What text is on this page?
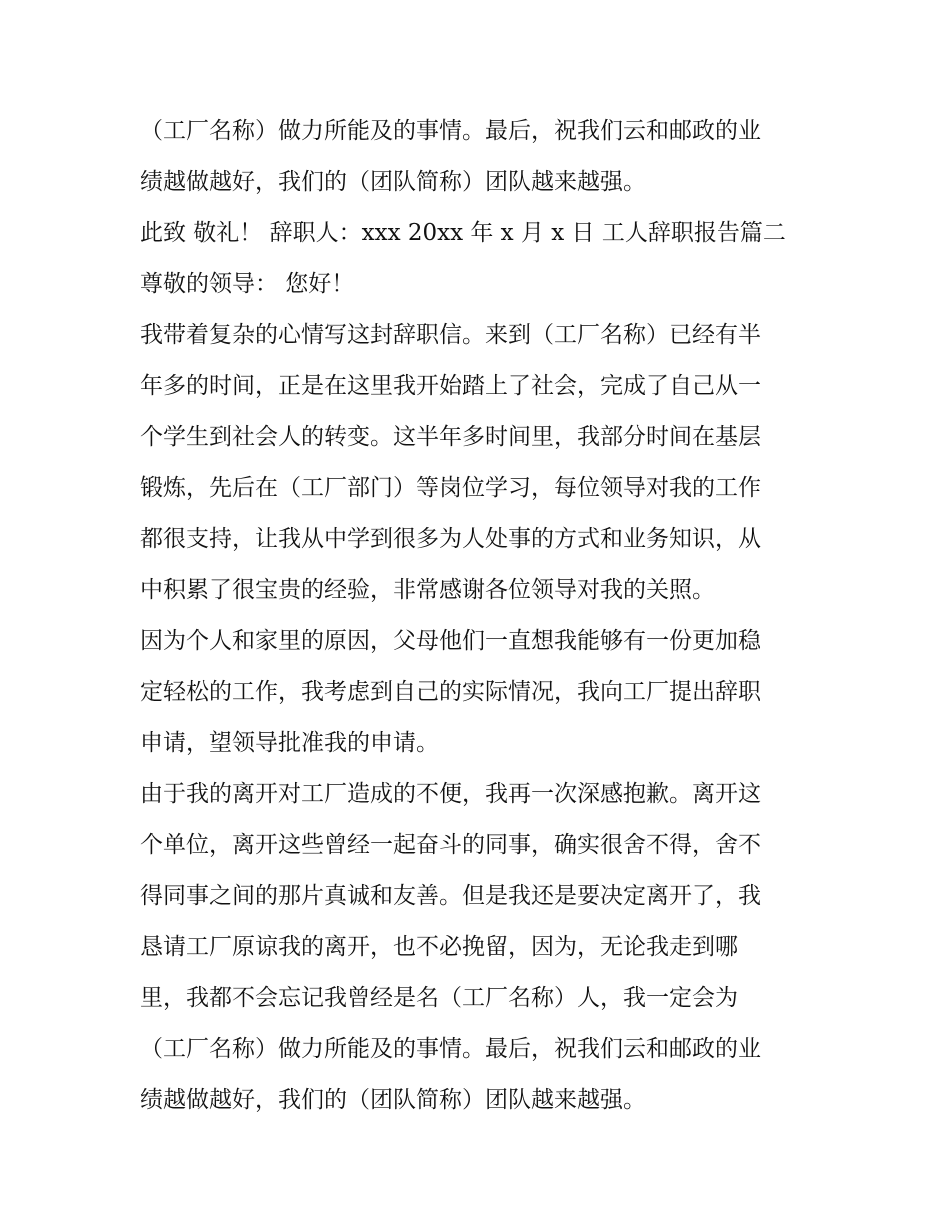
（工厂名称）做力所能及的事情。最后，祝我们云和邮政的业
绩越做越好，我们的（团队简称）团队越来越强。
此致 敬礼！ 辞职人：xxx 20xx 年 x 月 x 日 工人辞职报告篇二
尊敬的领导： 您好！
我带着复杂的心情写这封辞职信。来到（工厂名称）已经有半
年多的时间，正是在这里我开始踏上了社会，完成了自己从一
个学生到社会人的转变。这半年多时间里，我部分时间在基层
锻炼，先后在（工厂部门）等岗位学习，每位领导对我的工作
都很支持，让我从中学到很多为人处事的方式和业务知识，从
中积累了很宝贵的经验，非常感谢各位领导对我的关照。
因为个人和家里的原因，父母他们一直想我能够有一份更加稳
定轻松的工作，我考虑到自己的实际情况，我向工厂提出辞职
申请，望领导批准我的申请。
由于我的离开对工厂造成的不便，我再一次深感抱歉。离开这
个单位，离开这些曾经一起奋斗的同事，确实很舍不得，舍不
得同事之间的那片真诚和友善。但是我还是要决定离开了，我
恳请工厂原谅我的离开，也不必挽留，因为，无论我走到哪
里，我都不会忘记我曾经是名（工厂名称）人，我一定会为
（工厂名称）做力所能及的事情。最后，祝我们云和邮政的业
绩越做越好，我们的（团队简称）团队越来越强。
